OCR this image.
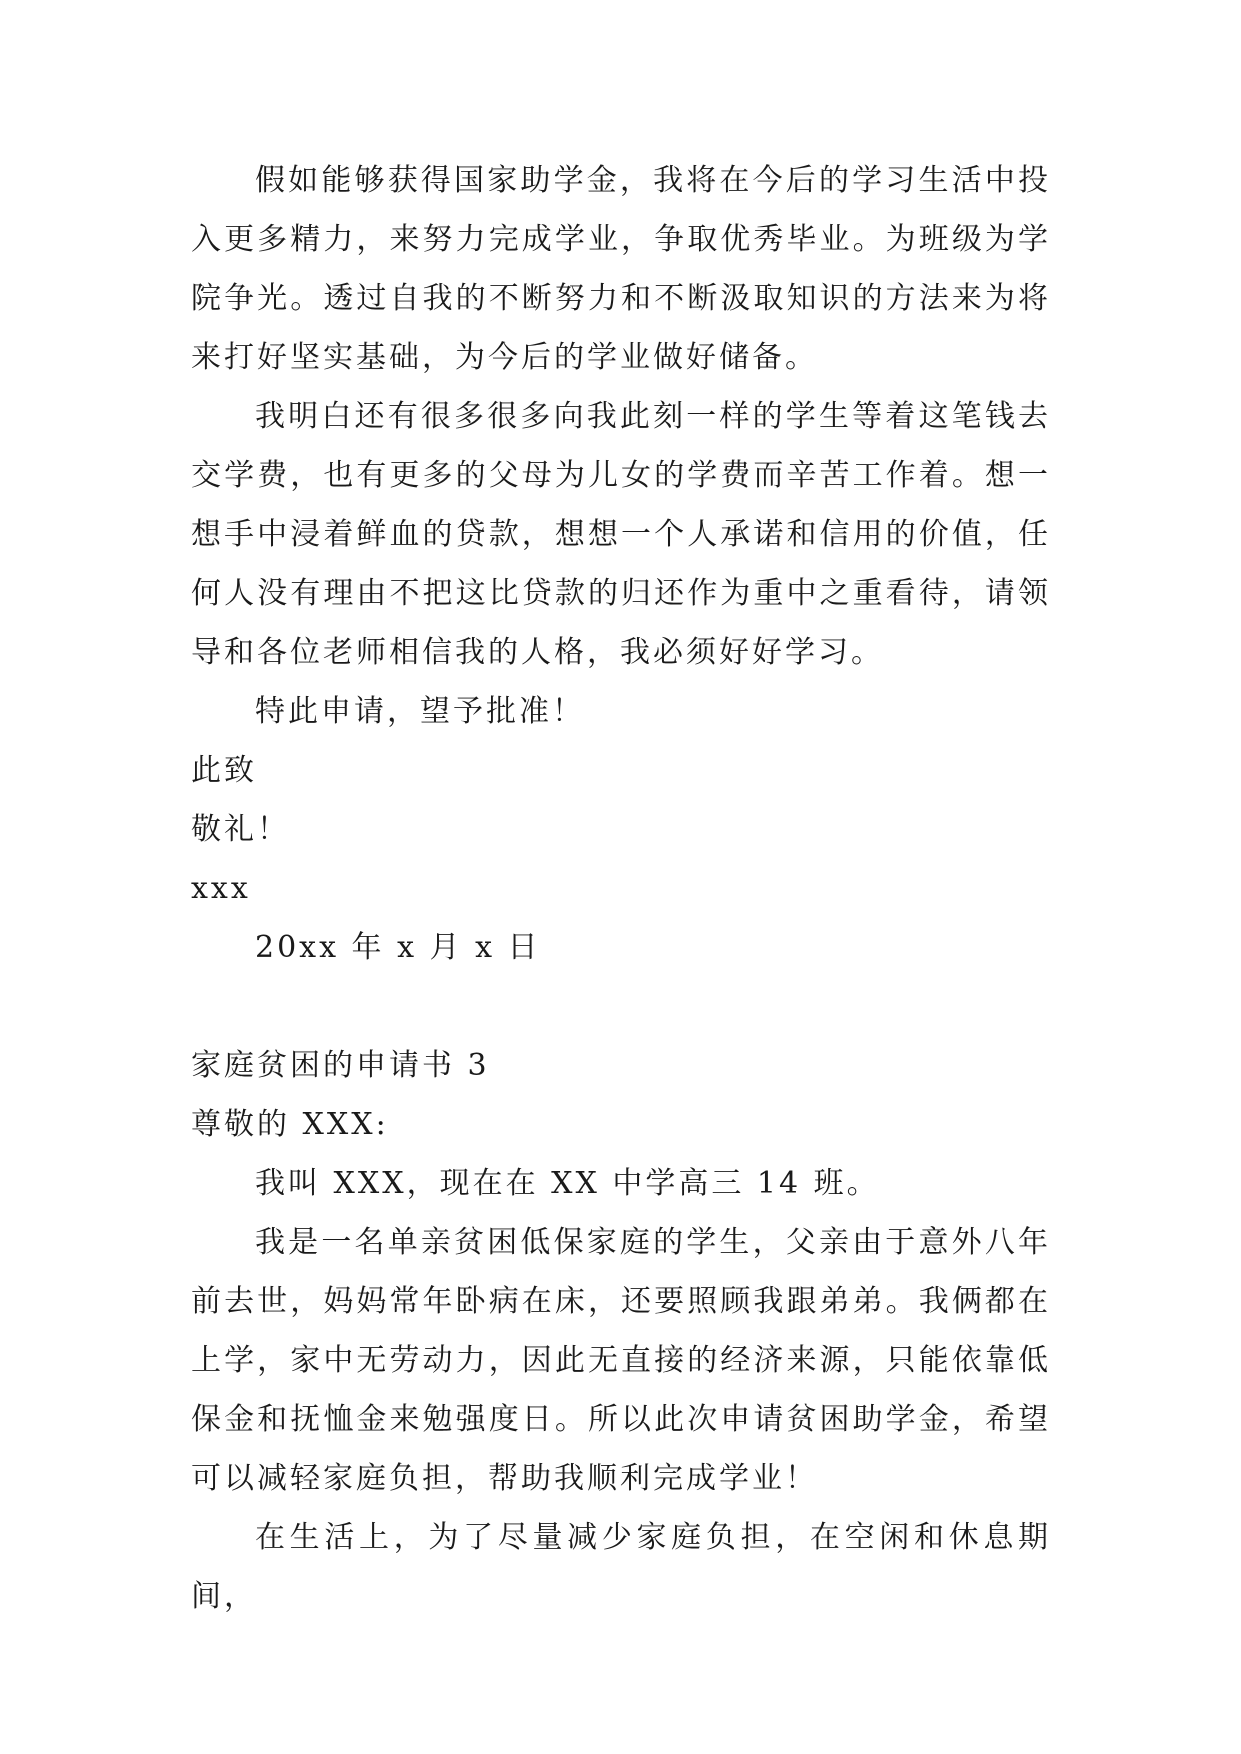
假如能够获得国家助学金，我将在今后的学习生活中投入更多精力，来努力完成学业，争取优秀毕业。为班级为学院争光。透过自我的不断努力和不断汲取知识的方法来为将来打好坚实基础，为今后的学业做好储备。

我明白还有很多很多向我此刻一样的学生等着这笔钱去交学费，也有更多的父母为儿女的学费而辛苦工作着。想一想手中浸着鲜血的贷款，想想一个人承诺和信用的价值，任何人没有理由不把这比贷款的归还作为重中之重看待，请领导和各位老师相信我的人格，我必须好好学习。

特此申请，望予批准！

此致

敬礼！

xxx

20xx 年 x 月 x 日

家庭贫困的申请书 3

尊敬的 XXX:

我叫 XXX，现在在 XX 中学高三 14 班。

我是一名单亲贫困低保家庭的学生，父亲由于意外八年前去世，妈妈常年卧病在床，还要照顾我跟弟弟。我俩都在上学，家中无劳动力，因此无直接的经济来源，只能依靠低保金和抚恤金来勉强度日。所以此次申请贫困助学金，希望可以减轻家庭负担，帮助我顺利完成学业！

在生活上，为了尽量减少家庭负担，在空闲和休息期间，
